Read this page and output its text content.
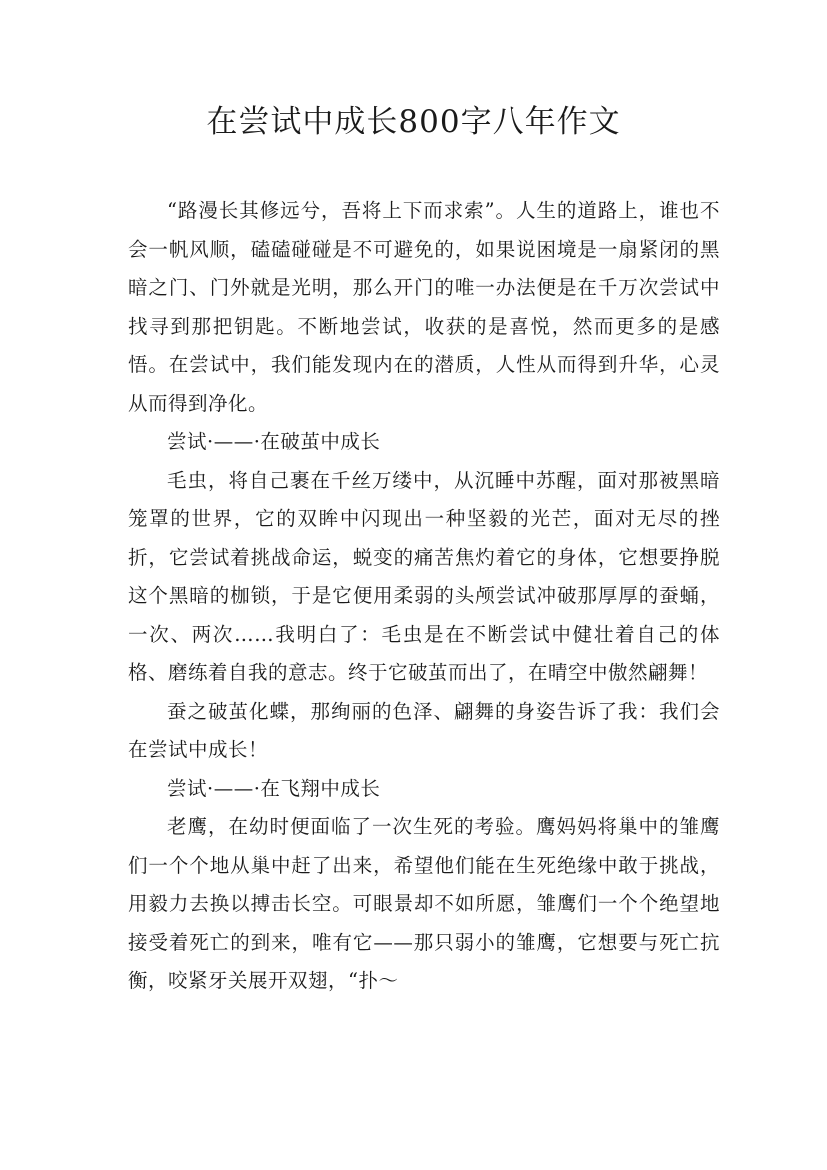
在尝试中成长800字八年作文

“路漫长其修远兮，吾将上下而求索”。人生的道路上，谁也不会一帆风顺，磕磕碰碰是不可避免的，如果说困境是一扇紧闭的黑暗之门、门外就是光明，那么开门的唯一办法便是在千万次尝试中找寻到那把钥匙。不断地尝试，收获的是喜悦，然而更多的是感悟。在尝试中，我们能发现内在的潜质，人性从而得到升华，心灵从而得到净化。

尝试·——·在破茧中成长

毛虫，将自己裹在千丝万缕中，从沉睡中苏醒，面对那被黑暗笼罩的世界，它的双眸中闪现出一种坚毅的光芒，面对无尽的挫折，它尝试着挑战命运，蜕变的痛苦焦灼着它的身体，它想要挣脱这个黑暗的枷锁，于是它便用柔弱的头颅尝试冲破那厚厚的蚕蛹，一次、两次……我明白了：毛虫是在不断尝试中健壮着自己的体格、磨练着自我的意志。终于它破茧而出了，在晴空中傲然翩舞！

蚕之破茧化蝶，那绚丽的色泽、翩舞的身姿告诉了我：我们会在尝试中成长！

尝试·——·在飞翔中成长

老鹰，在幼时便面临了一次生死的考验。鹰妈妈将巢中的雏鹰们一个个地从巢中赶了出来，希望他们能在生死绝缘中敢于挑战，用毅力去换以搏击长空。可眼景却不如所愿，雏鹰们一个个绝望地接受着死亡的到来，唯有它——那只弱小的雏鹰，它想要与死亡抗衡，咬紧牙关展开双翅，“扑～
